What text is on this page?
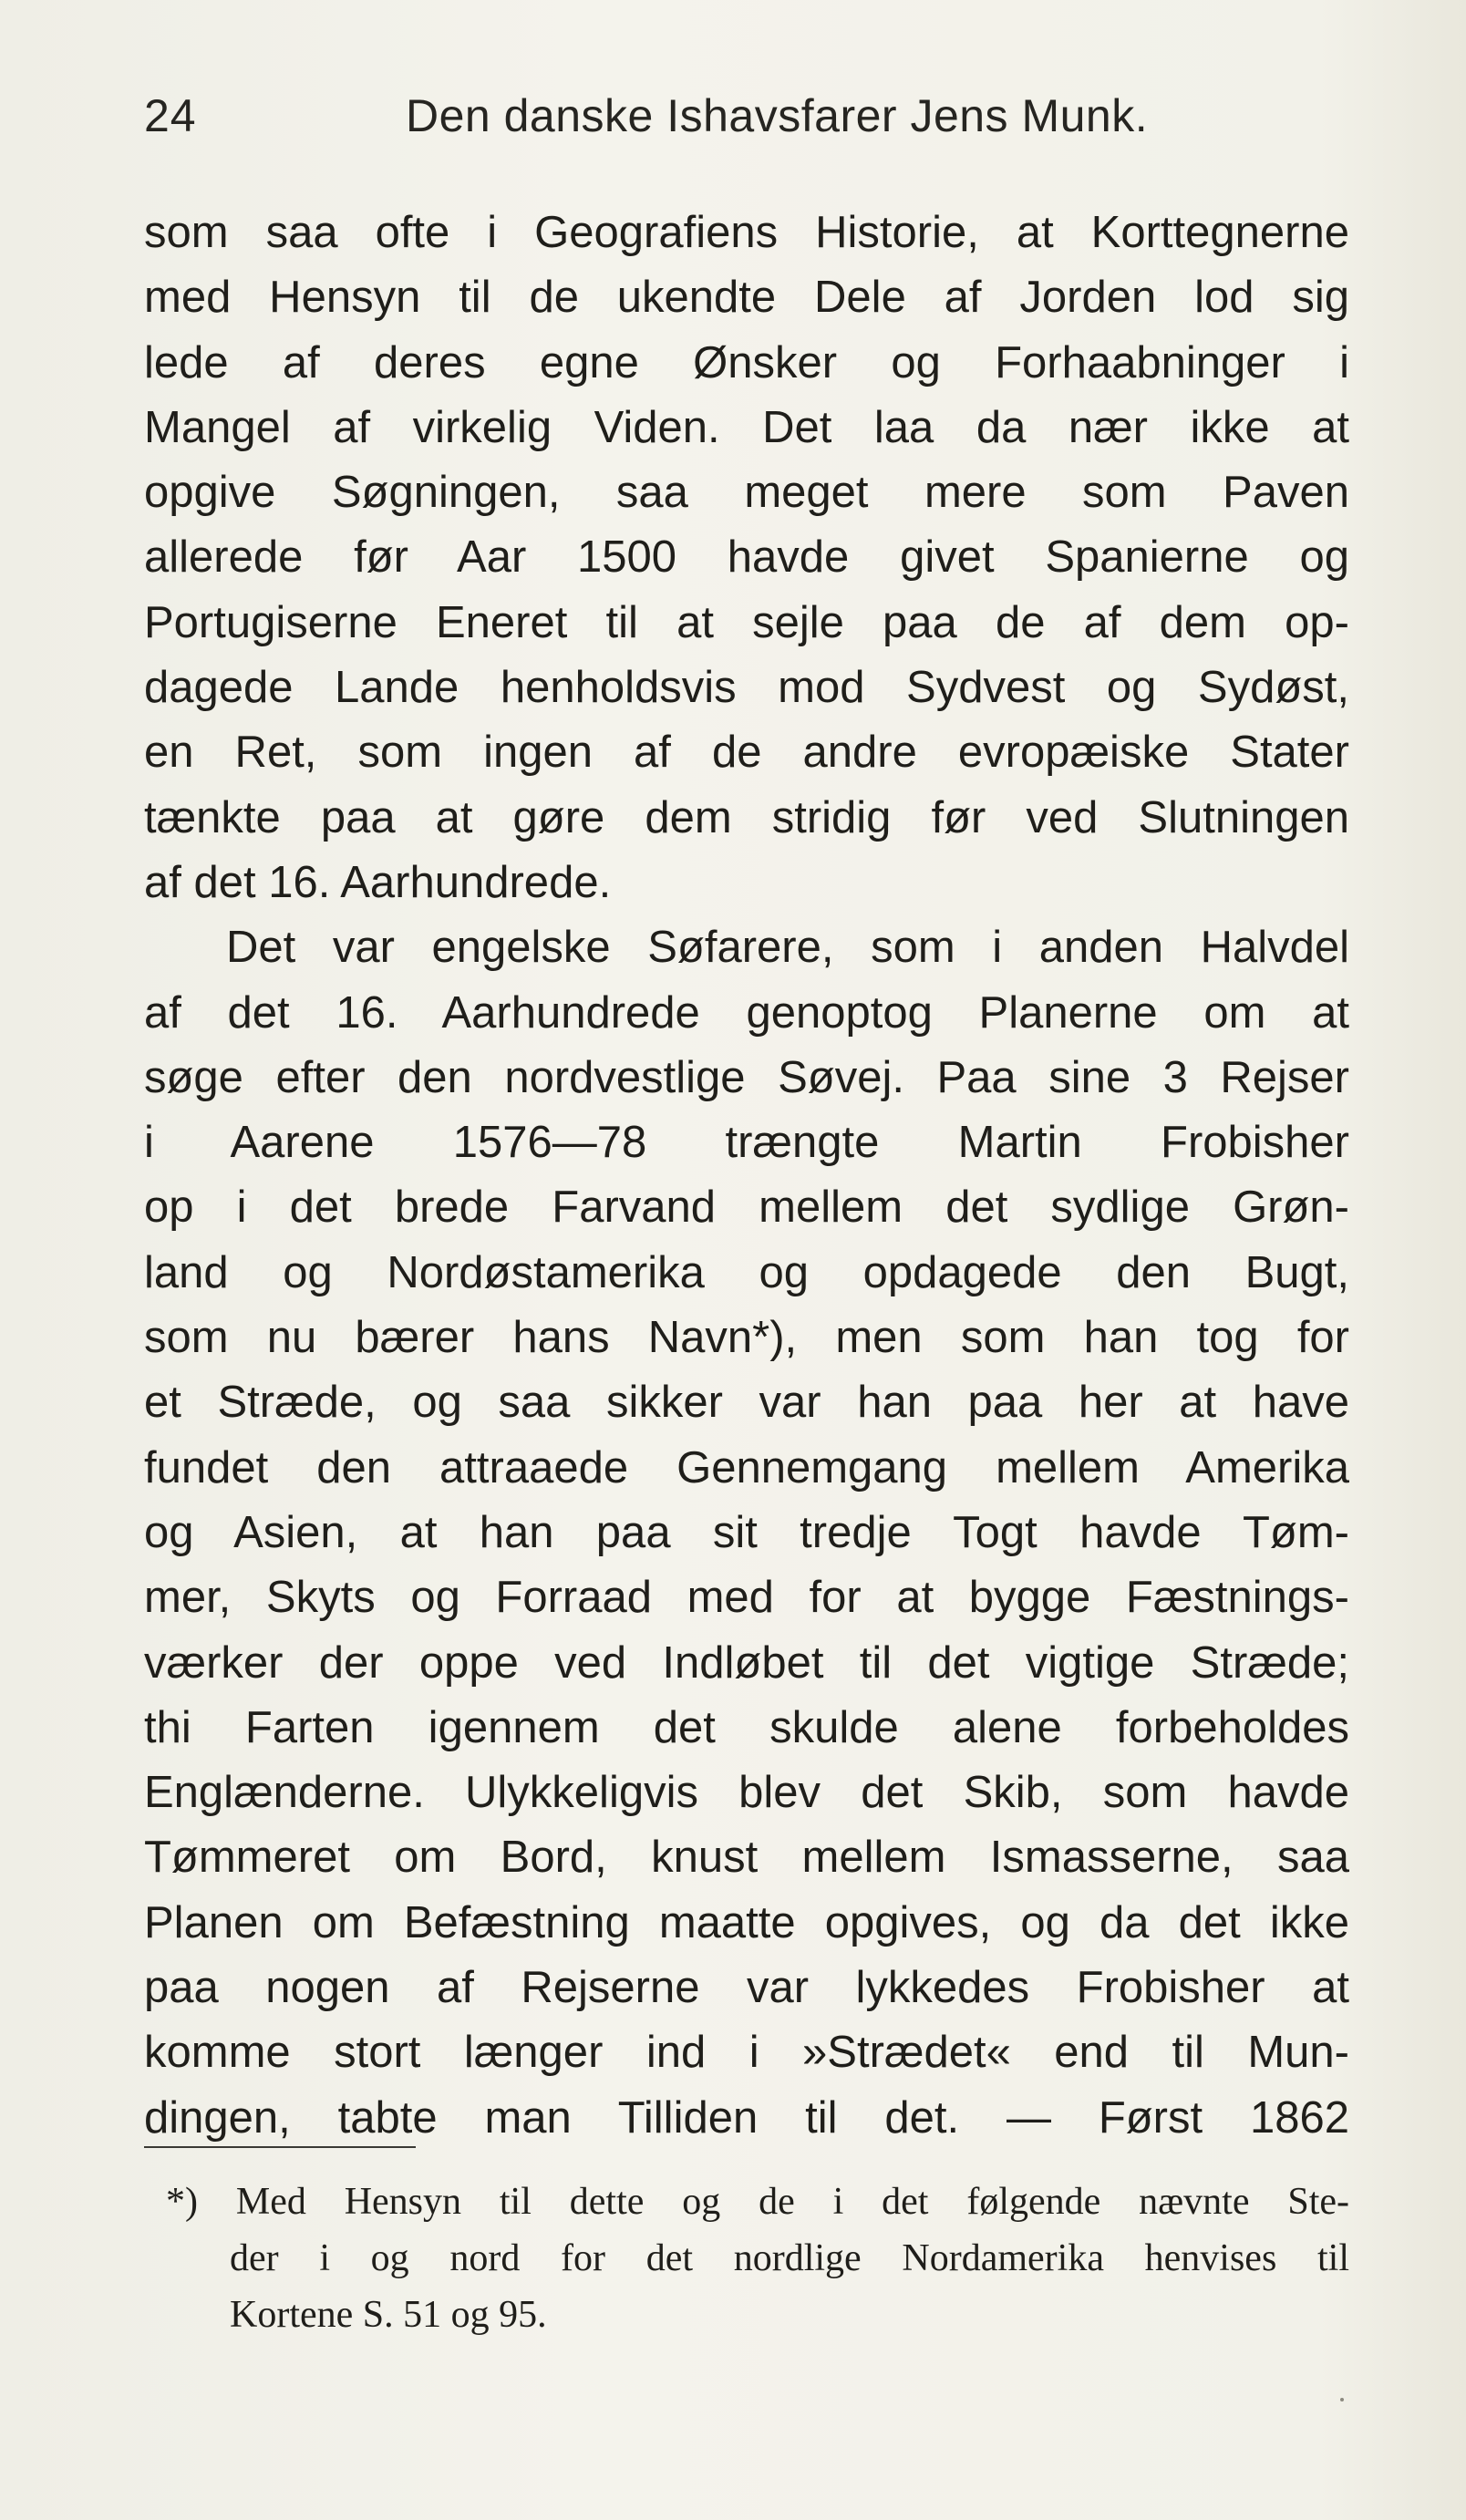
24	Den danske Ishavsfarer Jens Munk.
som saa ofte i Geografiens Historie, at Korttegnerne
med Hensyn til de ukendte Dele af Jorden lod sig
lede af deres egne Ønsker og Forhaabninger i
Mangel af virkelig Viden. Det laa da nær ikke at
opgive Søgningen, saa meget mere som Paven
allerede før Aar 1500 havde givet Spanierne og
Portugiserne Eneret til at sejle paa de af dem op-
dagede Lande henholdsvis mod Sydvest og Sydøst,
en Ret, som ingen af de andre evropæiske Stater
tænkte paa at gøre dem stridig før ved Slutningen
af det 16. Aarhundrede.
Det var engelske Søfarere, som i anden Halvdel
af det 16. Aarhundrede genoptog Planerne om at
søge efter den nordvestlige Søvej. Paa sine 3 Rejser
i Aarene 1576—78 trængte Martin Frobisher
op i det brede Farvand mellem det sydlige Grøn-
land og Nordøstamerika og opdagede den Bugt,
som nu bærer hans Navn*), men som han tog for
et Stræde, og saa sikker var han paa her at have
fundet den attraaede Gennemgang mellem Amerika
og Asien, at han paa sit tredje Togt havde Tøm-
mer, Skyts og Forraad med for at bygge Fæstnings-
værker der oppe ved Indløbet til det vigtige Stræde;
thi Farten igennem det skulde alene forbeholdes
Englænderne. Ulykkeligvis blev det Skib, som havde
Tømmeret om Bord, knust mellem Ismasserne, saa
Planen om Befæstning maatte opgives, og da det ikke
paa nogen af Rejserne var lykkedes Frobisher at
komme stort længer ind i »Strædet« end til Mun-
dingen, tabte man Tilliden til det. — Først 1862
*) Med Hensyn til dette og de i det følgende nævnte Ste-
der i og nord for det nordlige Nordamerika henvises til
Kortene S. 51 og 95.
